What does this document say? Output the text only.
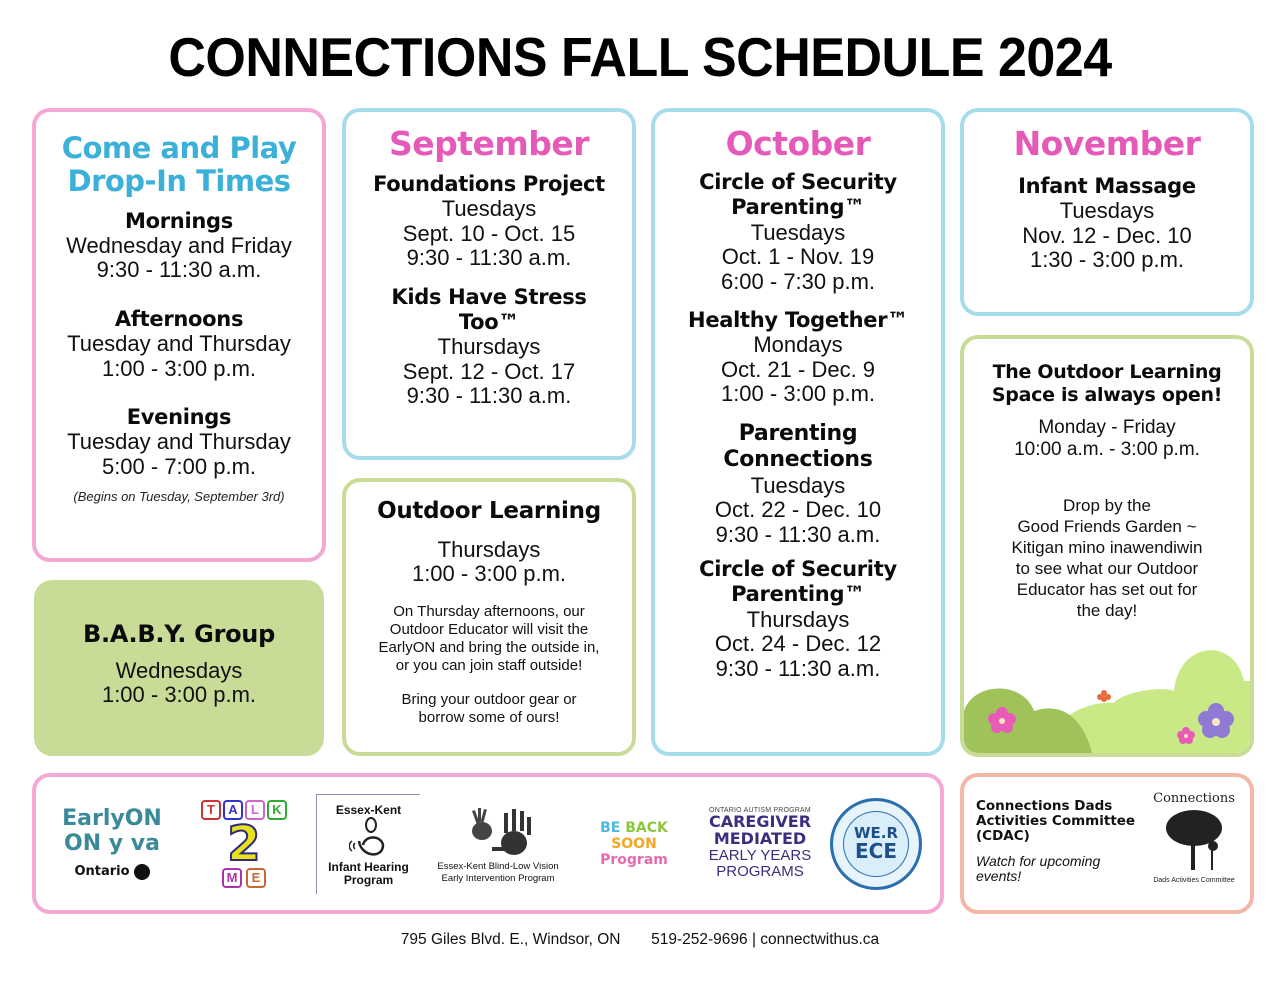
CONNECTIONS FALL SCHEDULE 2024
Come and Play
Drop-In Times
Mornings
Wednesday and Friday
9:30 - 11:30 a.m.
Afternoons
Tuesday and Thursday
1:00 - 3:00 p.m.
Evenings
Tuesday and Thursday
5:00 - 7:00 p.m.
(Begins on Tuesday, September 3rd)
B.A.B.Y. Group
Wednesdays
1:00 - 3:00 p.m.
September
Foundations Project
Tuesdays
Sept. 10 - Oct. 15
9:30 - 11:30 a.m.
Kids Have Stress
Too™
Thursdays
Sept. 12 - Oct. 17
9:30 - 11:30 a.m.
Outdoor Learning
Thursdays
1:00 - 3:00 p.m.
On Thursday afternoons, our
Outdoor Educator will visit the
EarlyON and bring the outside in,
or you can join staff outside!
Bring your outdoor gear or
borrow some of ours!
October
Circle of Security
Parenting™
Tuesdays
Oct. 1 - Nov. 19
6:00 - 7:30 p.m.
Healthy Together™
Mondays
Oct. 21 - Dec. 9
1:00 - 3:00 p.m.
Parenting
Connections
Tuesdays
Oct. 22 - Dec. 10
9:30 - 11:30 a.m.
Circle of Security
Parenting™
Thursdays
Oct. 24 - Dec. 12
9:30 - 11:30 a.m.
November
Infant Massage
Tuesdays
Nov. 12 - Dec. 10
1:30 - 3:00 p.m.
The Outdoor Learning
Space is always open!
Monday - Friday
10:00 a.m. - 3:00 p.m.
Drop by the
Good Friends Garden ~
Kitigan mino inawendiwin
to see what our Outdoor
Educator has set out for
the day!
EarlyON
ON y va
Ontario
T	A	L	K
2
M	E
Essex-Kent
Infant Hearing
Program
Essex-Kent Blind-Low Vision
Early Intervention Program
BE BACK SOON
Program
ONTARIO AUTISM PROGRAM
CAREGIVER
MEDIATED
EARLY YEARS
PROGRAMS
WE.R
ECE
Connections Dads
Activities Committee
(CDAC)
Watch for upcoming
events!
Connections
Dads Activities Committee
795 Giles Blvd. E., Windsor, ON 519-252-9696 | connectwithus.ca
